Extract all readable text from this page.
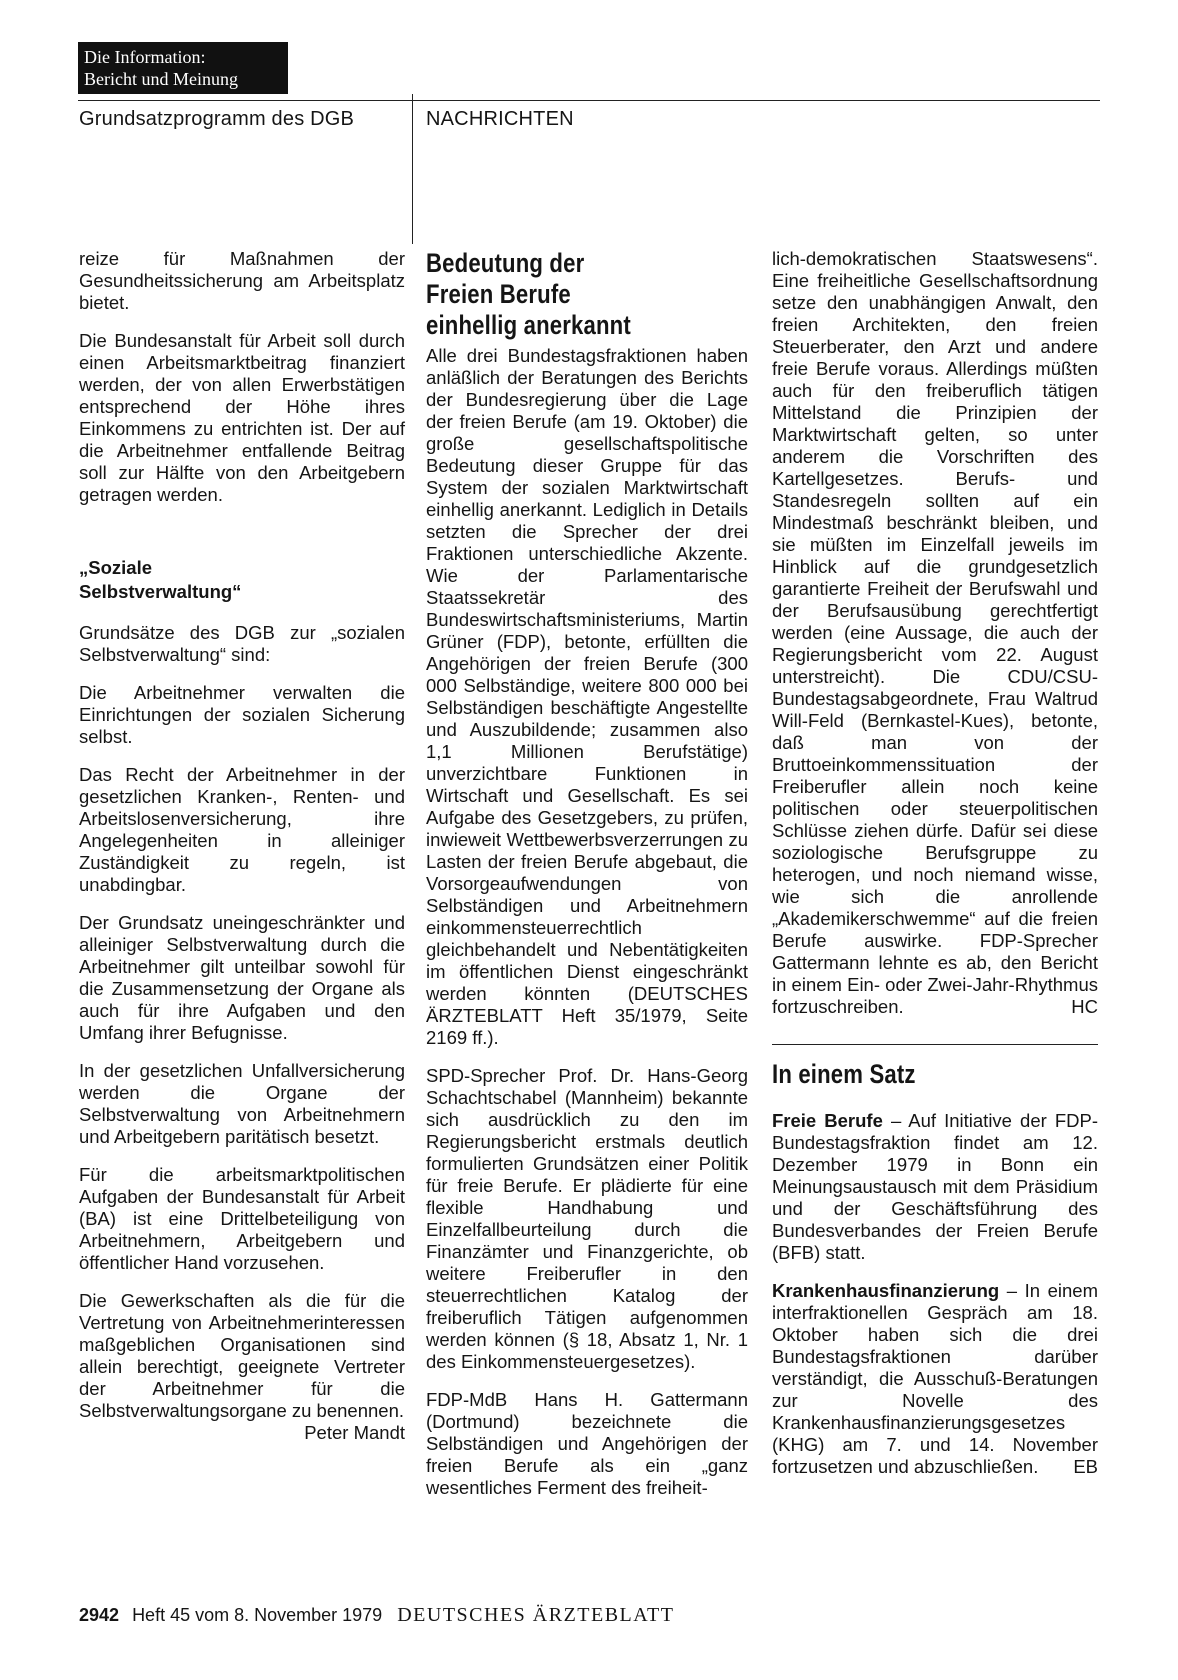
Die Information:
Bericht und Meinung
Grundsatzprogramm des DGB	NACHRICHTEN

reize für Maßnahmen der Gesundheitssicherung am Arbeitsplatz bietet.

Die Bundesanstalt für Arbeit soll durch einen Arbeitsmarktbeitrag finanziert werden, der von allen Erwerbstätigen entsprechend der Höhe ihres Einkommens zu entrichten ist. Der auf die Arbeitnehmer entfallende Beitrag soll zur Hälfte von den Arbeitgebern getragen werden.

„Soziale
Selbstverwaltung“

Grundsätze des DGB zur „sozialen Selbstverwaltung“ sind:

Die Arbeitnehmer verwalten die Einrichtungen der sozialen Sicherung selbst.

Das Recht der Arbeitnehmer in der gesetzlichen Kranken-, Renten- und Arbeitslosenversicherung, ihre Angelegenheiten in alleiniger Zuständigkeit zu regeln, ist unabdingbar.

Der Grundsatz uneingeschränkter und alleiniger Selbstverwaltung durch die Arbeitnehmer gilt unteilbar sowohl für die Zusammensetzung der Organe als auch für ihre Aufgaben und den Umfang ihrer Befugnisse.

In der gesetzlichen Unfallversicherung werden die Organe der Selbstverwaltung von Arbeitnehmern und Arbeitgebern paritätisch besetzt.

Für die arbeitsmarktpolitischen Aufgaben der Bundesanstalt für Arbeit (BA) ist eine Drittelbeteiligung von Arbeitnehmern, Arbeitgebern und öffentlicher Hand vorzusehen.

Die Gewerkschaften als die für die Vertretung von Arbeitnehmerinteressen maßgeblichen Organisationen sind allein berechtigt, geeignete Vertreter der Arbeitnehmer für die Selbstverwaltungsorgane zu benennen.
Peter Mandt

Bedeutung der
Freien Berufe
einhellig anerkannt

Alle drei Bundestagsfraktionen haben anläßlich der Beratungen des Berichts der Bundesregierung über die Lage der freien Berufe (am 19. Oktober) die große gesellschaftspolitische Bedeutung dieser Gruppe für das System der sozialen Marktwirtschaft einhellig anerkannt. Lediglich in Details setzten die Sprecher der drei Fraktionen unterschiedliche Akzente. Wie der Parlamentarische Staatssekretär des Bundeswirtschaftsministeriums, Martin Grüner (FDP), betonte, erfüllten die Angehörigen der freien Berufe (300 000 Selbständige, weitere 800 000 bei Selbständigen beschäftigte Angestellte und Auszubildende; zusammen also 1,1 Millionen Berufstätige) unverzichtbare Funktionen in Wirtschaft und Gesellschaft. Es sei Aufgabe des Gesetzgebers, zu prüfen, inwieweit Wettbewerbsverzerrungen zu Lasten der freien Berufe abgebaut, die Vorsorgeaufwendungen von Selbständigen und Arbeitnehmern einkommensteuerrechtlich gleichbehandelt und Nebentätigkeiten im öffentlichen Dienst eingeschränkt werden könnten (DEUTSCHES ÄRZTEBLATT Heft 35/1979, Seite 2169 ff.).

SPD-Sprecher Prof. Dr. Hans-Georg Schachtschabel (Mannheim) bekannte sich ausdrücklich zu den im Regierungsbericht erstmals deutlich formulierten Grundsätzen einer Politik für freie Berufe. Er plädierte für eine flexible Handhabung und Einzelfallbeurteilung durch die Finanzämter und Finanzgerichte, ob weitere Freiberufler in den steuerrechtlichen Katalog der freiberuflich Tätigen aufgenommen werden können (§ 18, Absatz 1, Nr. 1 des Einkommensteuergesetzes).

FDP-MdB Hans H. Gattermann (Dortmund) bezeichnete die Selbständigen und Angehörigen der freien Berufe als ein „ganz wesentliches Ferment des freiheit-

lich-demokratischen Staatswesens“. Eine freiheitliche Gesellschaftsordnung setze den unabhängigen Anwalt, den freien Architekten, den freien Steuerberater, den Arzt und andere freie Berufe voraus. Allerdings müßten auch für den freiberuflich tätigen Mittelstand die Prinzipien der Marktwirtschaft gelten, so unter anderem die Vorschriften des Kartellgesetzes. Berufs- und Standesregeln sollten auf ein Mindestmaß beschränkt bleiben, und sie müßten im Einzelfall jeweils im Hinblick auf die grundgesetzlich garantierte Freiheit der Berufswahl und der Berufsausübung gerechtfertigt werden (eine Aussage, die auch der Regierungsbericht vom 22. August unterstreicht). Die CDU/CSU-Bundestagsabgeordnete, Frau Waltrud Will-Feld (Bernkastel-Kues), betonte, daß man von der Bruttoeinkommenssituation der Freiberufler allein noch keine politischen oder steuerpolitischen Schlüsse ziehen dürfe. Dafür sei diese soziologische Berufsgruppe zu heterogen, und noch niemand wisse, wie sich die anrollende „Akademikerschwemme“ auf die freien Berufe auswirke. FDP-Sprecher Gattermann lehnte es ab, den Bericht in einem Ein- oder Zwei-Jahr-Rhythmus fortzuschreiben.	HC

In einem Satz

Freie Berufe – Auf Initiative der FDP-Bundestagsfraktion findet am 12. Dezember 1979 in Bonn ein Meinungsaustausch mit dem Präsidium und der Geschäftsführung des Bundesverbandes der Freien Berufe (BFB) statt.

Krankenhausfinanzierung – In einem interfraktionellen Gespräch am 18. Oktober haben sich die drei Bundestagsfraktionen darüber verständigt, die Ausschuß-Beratungen zur Novelle des Krankenhausfinanzierungsgesetzes (KHG) am 7. und 14. November fortzusetzen und abzuschließen. EB

2942 Heft 45 vom 8. November 1979 DEUTSCHES ÄRZTEBLATT
